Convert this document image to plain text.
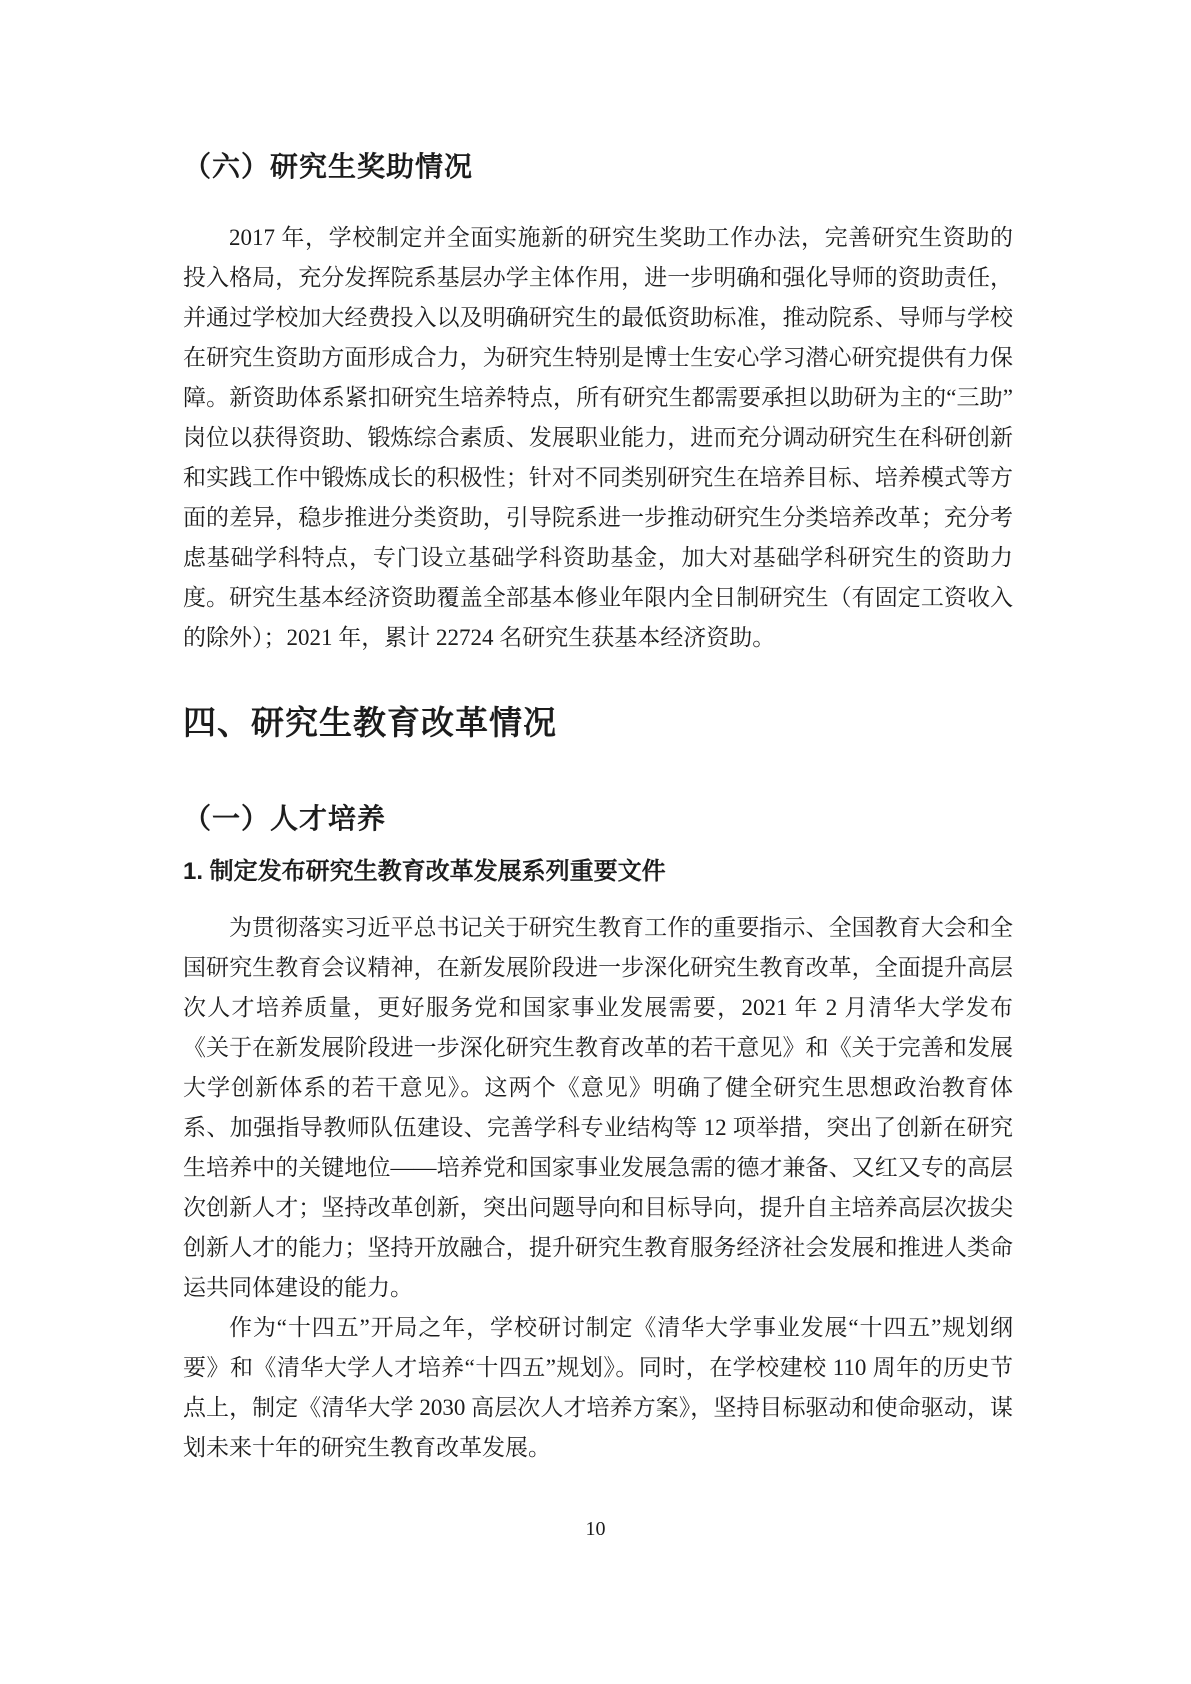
（六）研究生奖助情况

2017 年，学校制定并全面实施新的研究生奖助工作办法，完善研究生资助的投入格局，充分发挥院系基层办学主体作用，进一步明确和强化导师的资助责任，并通过学校加大经费投入以及明确研究生的最低资助标准，推动院系、导师与学校在研究生资助方面形成合力，为研究生特别是博士生安心学习潜心研究提供有力保障。新资助体系紧扣研究生培养特点，所有研究生都需要承担以助研为主的“三助”岗位以获得资助、锻炼综合素质、发展职业能力，进而充分调动研究生在科研创新和实践工作中锻炼成长的积极性；针对不同类别研究生在培养目标、培养模式等方面的差异，稳步推进分类资助，引导院系进一步推动研究生分类培养改革；充分考虑基础学科特点，专门设立基础学科资助基金，加大对基础学科研究生的资助力度。研究生基本经济资助覆盖全部基本修业年限内全日制研究生（有固定工资收入的除外）；2021 年，累计 22724 名研究生获基本经济资助。

四、研究生教育改革情况
（一）人才培养
1. 制定发布研究生教育改革发展系列重要文件

为贯彻落实习近平总书记关于研究生教育工作的重要指示、全国教育大会和全国研究生教育会议精神，在新发展阶段进一步深化研究生教育改革，全面提升高层次人才培养质量，更好服务党和国家事业发展需要，2021 年 2 月清华大学发布《关于在新发展阶段进一步深化研究生教育改革的若干意见》和《关于完善和发展大学创新体系的若干意见》。这两个《意见》明确了健全研究生思想政治教育体系、加强指导教师队伍建设、完善学科专业结构等 12 项举措，突出了创新在研究生培养中的关键地位——培养党和国家事业发展急需的德才兼备、又红又专的高层次创新人才；坚持改革创新，突出问题导向和目标导向，提升自主培养高层次拔尖创新人才的能力；坚持开放融合，提升研究生教育服务经济社会发展和推进人类命运共同体建设的能力。

作为“十四五”开局之年，学校研讨制定《清华大学事业发展“十四五”规划纲要》和《清华大学人才培养“十四五”规划》。同时，在学校建校 110 周年的历史节点上，制定《清华大学 2030 高层次人才培养方案》，坚持目标驱动和使命驱动，谋划未来十年的研究生教育改革发展。

10
